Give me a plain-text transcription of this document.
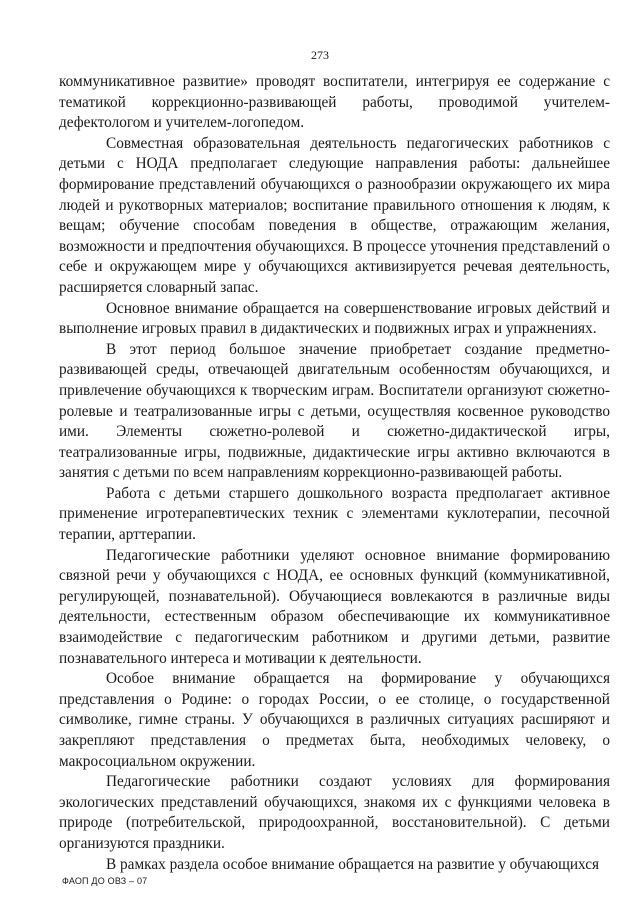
273

коммуникативное развитие» проводят воспитатели, интегрируя ее содержание с тематикой коррекционно-развивающей работы, проводимой учителем-дефектологом и учителем-логопедом.

Совместная образовательная деятельность педагогических работников с детьми с НОДА предполагает следующие направления работы: дальнейшее формирование представлений обучающихся о разнообразии окружающего их мира людей и рукотворных материалов; воспитание правильного отношения к людям, к вещам; обучение способам поведения в обществе, отражающим желания, возможности и предпочтения обучающихся. В процессе уточнения представлений о себе и окружающем мире у обучающихся активизируется речевая деятельность, расширяется словарный запас.

Основное внимание обращается на совершенствование игровых действий и выполнение игровых правил в дидактических и подвижных играх и упражнениях.

В этот период большое значение приобретает создание предметно-развивающей среды, отвечающей двигательным особенностям обучающихся, и привлечение обучающихся к творческим играм. Воспитатели организуют сюжетно-ролевые и театрализованные игры с детьми, осуществляя косвенное руководство ими. Элементы сюжетно-ролевой и сюжетно-дидактической игры, театрализованные игры, подвижные, дидактические игры активно включаются в занятия с детьми по всем направлениям коррекционно-развивающей работы.

Работа с детьми старшего дошкольного возраста предполагает активное применение игротерапевтических техник с элементами куклотерапии, песочной терапии, арттерапии.

Педагогические работники уделяют основное внимание формированию связной речи у обучающихся с НОДА, ее основных функций (коммуникативной, регулирующей, познавательной). Обучающиеся вовлекаются в различные виды деятельности, естественным образом обеспечивающие их коммуникативное взаимодействие с педагогическим работником и другими детьми, развитие познавательного интереса и мотивации к деятельности.

Особое внимание обращается на формирование у обучающихся представления о Родине: о городах России, о ее столице, о государственной символике, гимне страны. У обучающихся в различных ситуациях расширяют и закрепляют представления о предметах быта, необходимых человеку, о макросоциальном окружении.

Педагогические работники создают условиях для формирования экологических представлений обучающихся, знакомя их с функциями человека в природе (потребительской, природоохранной, восстановительной). С детьми организуются праздники.

В рамках раздела особое внимание обращается на развитие у обучающихся

ФАОП ДО ОВЗ – 07
